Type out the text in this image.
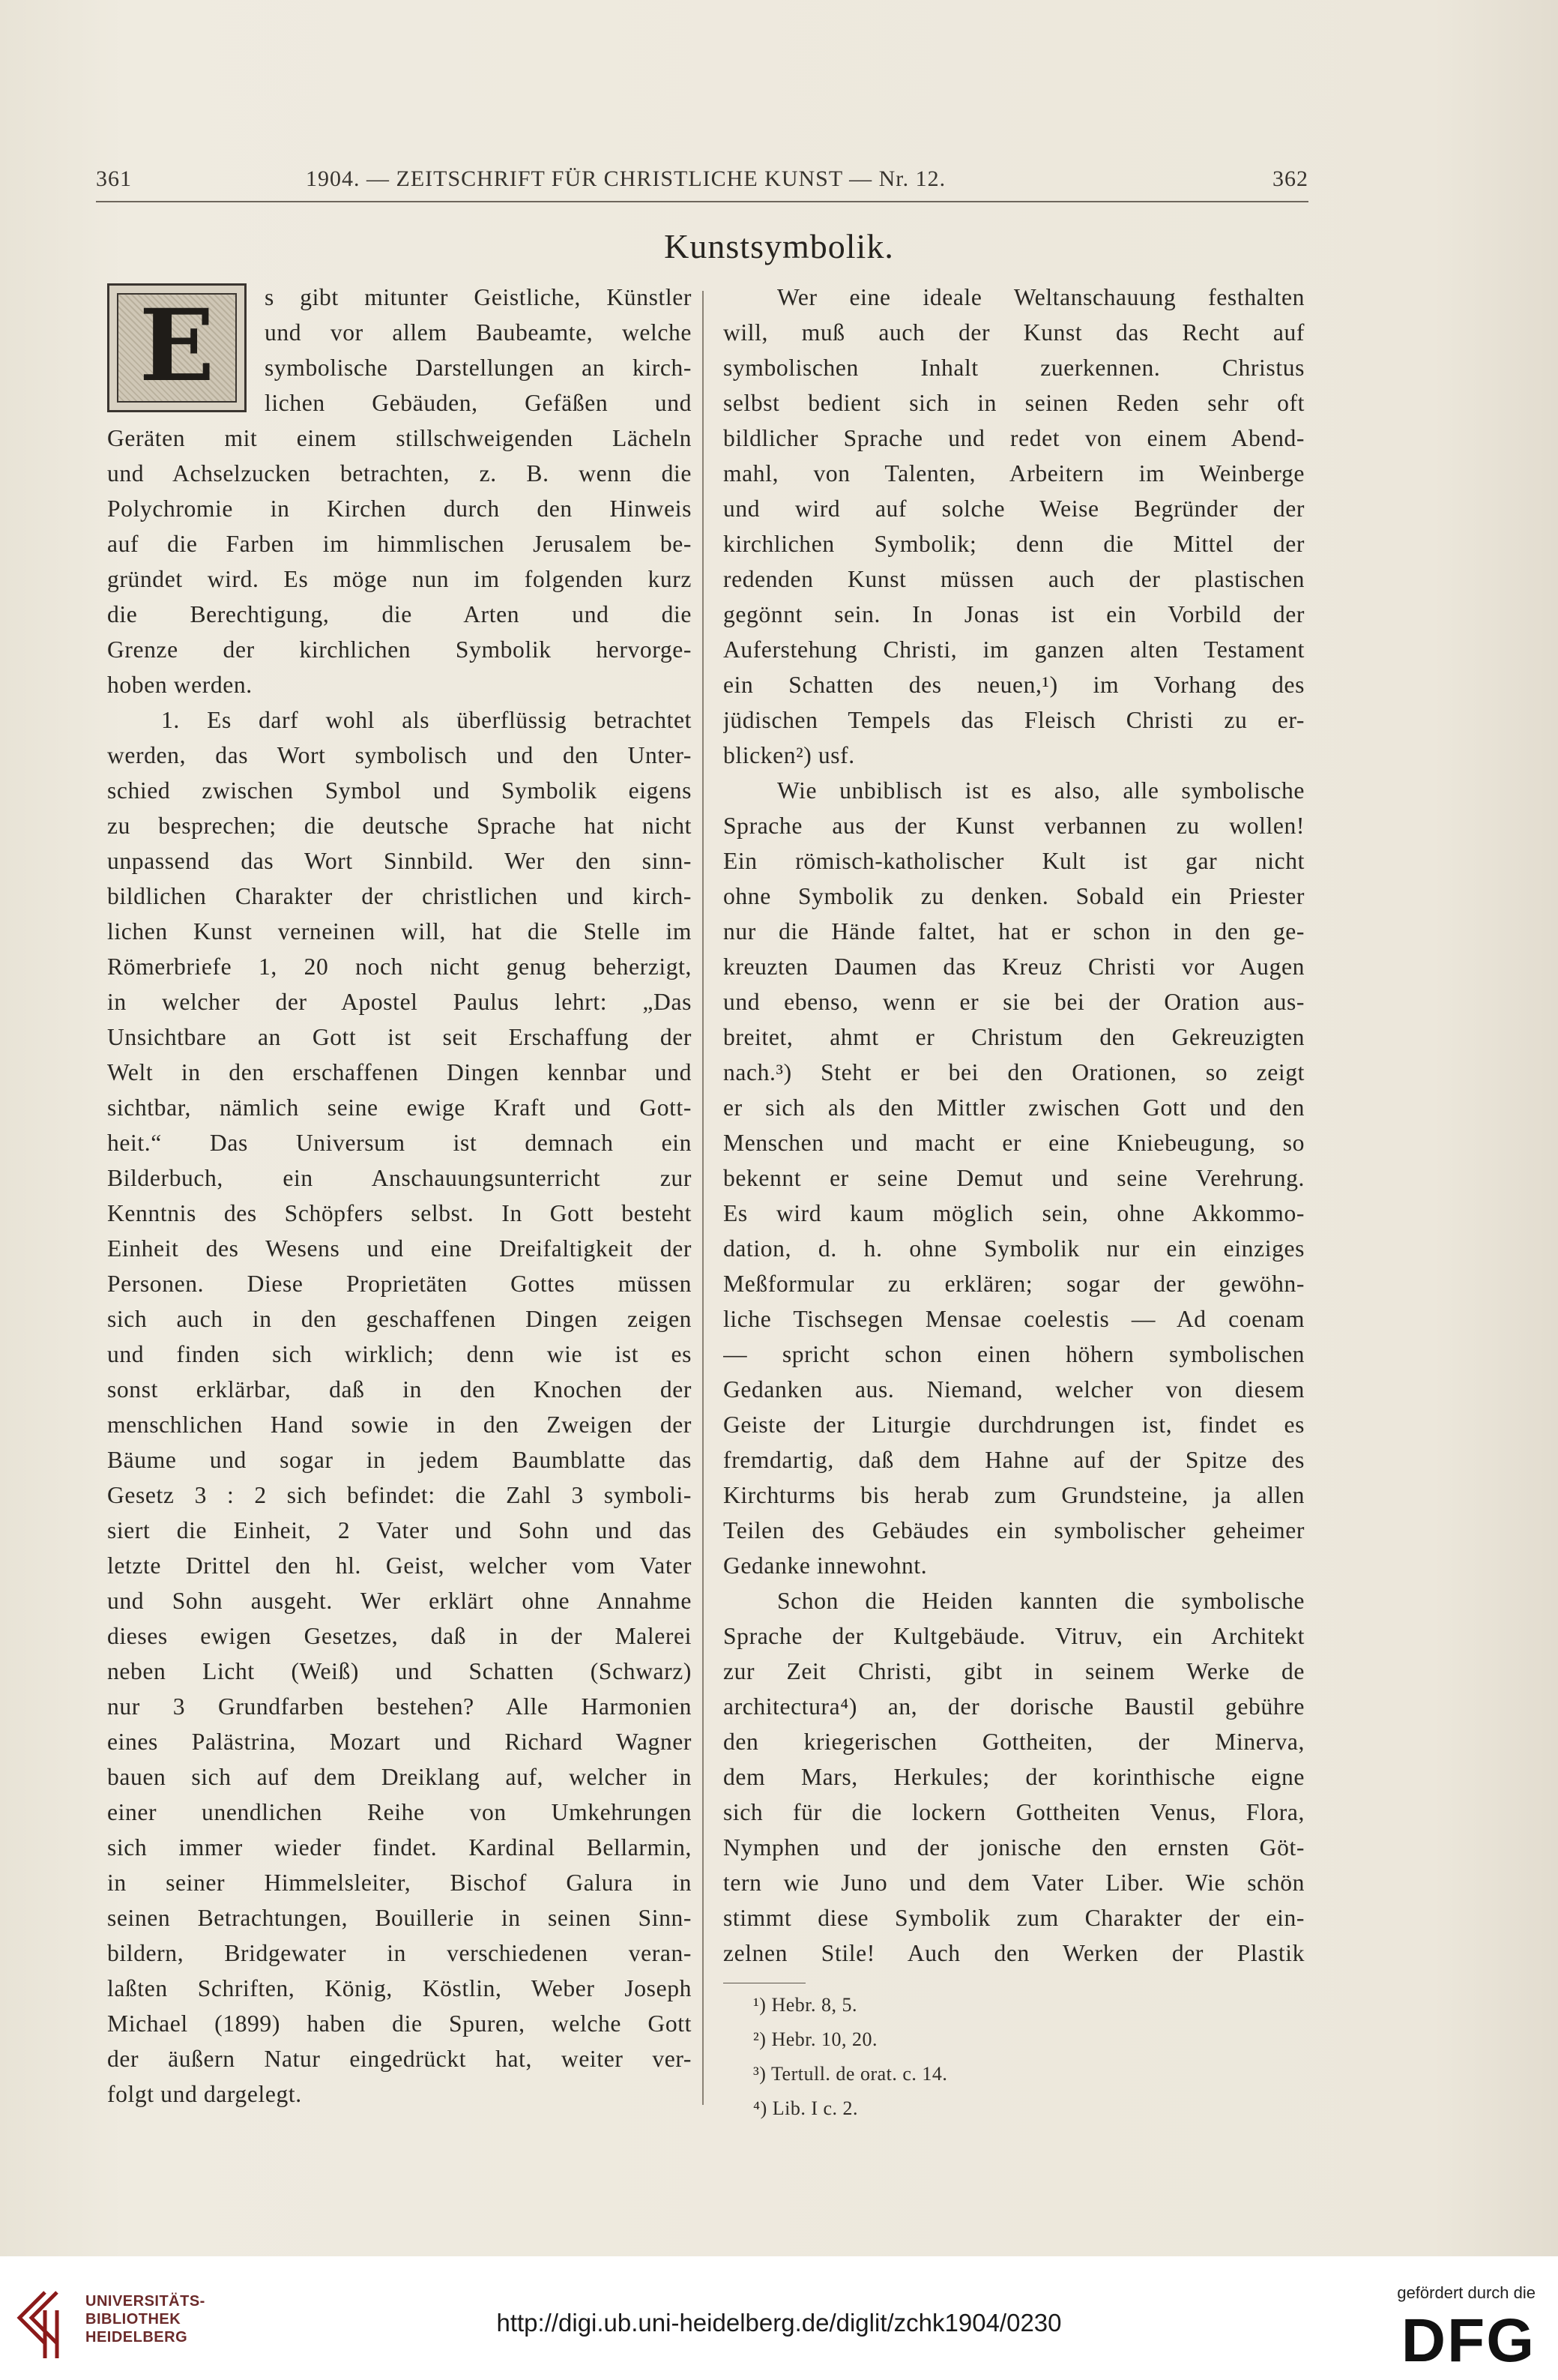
361	1904. — ZEITSCHRIFT FÜR CHRISTLICHE KUNST — Nr. 12.	362
Kunstsymbolik.
E	s gibt mitunter Geistliche, Künstler
und vor allem Baubeamte, welche
symbolische Darstellungen an kirch-
lichen Gebäuden, Gefäßen und
Geräten mit einem stillschweigenden Lächeln
und Achselzucken betrachten, z. B. wenn die
Polychromie in Kirchen durch den Hinweis
auf die Farben im himmlischen Jerusalem be-
gründet wird. Es möge nun im folgenden kurz
die Berechtigung, die Arten und die
Grenze der kirchlichen Symbolik hervorge-
hoben werden.
1. Es darf wohl als überflüssig betrachtet
werden, das Wort symbolisch und den Unter-
schied zwischen Symbol und Symbolik eigens
zu besprechen; die deutsche Sprache hat nicht
unpassend das Wort Sinnbild. Wer den sinn-
bildlichen Charakter der christlichen und kirch-
lichen Kunst verneinen will, hat die Stelle im
Römerbriefe 1, 20 noch nicht genug beherzigt,
in welcher der Apostel Paulus lehrt: „Das
Unsichtbare an Gott ist seit Erschaffung der
Welt in den erschaffenen Dingen kennbar und
sichtbar, nämlich seine ewige Kraft und Gott-
heit.“ Das Universum ist demnach ein
Bilderbuch, ein Anschauungsunterricht zur
Kenntnis des Schöpfers selbst. In Gott besteht
Einheit des Wesens und eine Dreifaltigkeit der
Personen. Diese Proprietäten Gottes müssen
sich auch in den geschaffenen Dingen zeigen
und finden sich wirklich; denn wie ist es
sonst erklärbar, daß in den Knochen der
menschlichen Hand sowie in den Zweigen der
Bäume und sogar in jedem Baumblatte das
Gesetz 3 : 2 sich befindet: die Zahl 3 symboli-
siert die Einheit, 2 Vater und Sohn und das
letzte Drittel den hl. Geist, welcher vom Vater
und Sohn ausgeht. Wer erklärt ohne Annahme
dieses ewigen Gesetzes, daß in der Malerei
neben Licht (Weiß) und Schatten (Schwarz)
nur 3 Grundfarben bestehen? Alle Harmonien
eines Palästrina, Mozart und Richard Wagner
bauen sich auf dem Dreiklang auf, welcher in
einer unendlichen Reihe von Umkehrungen
sich immer wieder findet. Kardinal Bellarmin,
in seiner Himmelsleiter, Bischof Galura in
seinen Betrachtungen, Bouillerie in seinen Sinn-
bildern, Bridgewater in verschiedenen veran-
laßten Schriften, König, Köstlin, Weber Joseph
Michael (1899) haben die Spuren, welche Gott
der äußern Natur eingedrückt hat, weiter ver-
folgt und dargelegt.
Wer eine ideale Weltanschauung festhalten
will, muß auch der Kunst das Recht auf
symbolischen Inhalt zuerkennen. Christus
selbst bedient sich in seinen Reden sehr oft
bildlicher Sprache und redet von einem Abend-
mahl, von Talenten, Arbeitern im Weinberge
und wird auf solche Weise Begründer der
kirchlichen Symbolik; denn die Mittel der
redenden Kunst müssen auch der plastischen
gegönnt sein. In Jonas ist ein Vorbild der
Auferstehung Christi, im ganzen alten Testament
ein Schatten des neuen,¹) im Vorhang des
jüdischen Tempels das Fleisch Christi zu er-
blicken²) usf.
Wie unbiblisch ist es also, alle symbolische
Sprache aus der Kunst verbannen zu wollen!
Ein römisch-katholischer Kult ist gar nicht
ohne Symbolik zu denken. Sobald ein Priester
nur die Hände faltet, hat er schon in den ge-
kreuzten Daumen das Kreuz Christi vor Augen
und ebenso, wenn er sie bei der Oration aus-
breitet, ahmt er Christum den Gekreuzigten
nach.³) Steht er bei den Orationen, so zeigt
er sich als den Mittler zwischen Gott und den
Menschen und macht er eine Kniebeugung, so
bekennt er seine Demut und seine Verehrung.
Es wird kaum möglich sein, ohne Akkommo-
dation, d. h. ohne Symbolik nur ein einziges
Meßformular zu erklären; sogar der gewöhn-
liche Tischsegen Mensae coelestis — Ad coenam
— spricht schon einen höhern symbolischen
Gedanken aus. Niemand, welcher von diesem
Geiste der Liturgie durchdrungen ist, findet es
fremdartig, daß dem Hahne auf der Spitze des
Kirchturms bis herab zum Grundsteine, ja allen
Teilen des Gebäudes ein symbolischer geheimer
Gedanke innewohnt.
Schon die Heiden kannten die symbolische
Sprache der Kultgebäude. Vitruv, ein Architekt
zur Zeit Christi, gibt in seinem Werke de
architectura⁴) an, der dorische Baustil gebühre
den kriegerischen Gottheiten, der Minerva,
dem Mars, Herkules; der korinthische eigne
sich für die lockern Gottheiten Venus, Flora,
Nymphen und der jonische den ernsten Göt-
tern wie Juno und dem Vater Liber. Wie schön
stimmt diese Symbolik zum Charakter der ein-
zelnen Stile! Auch den Werken der Plastik
¹) Hebr. 8, 5.
²) Hebr. 10, 20.
³) Tertull. de orat. c. 14.
⁴) Lib. I c. 2.
UNIVERSITÄTS-
BIBLIOTHEK
HEIDELBERG
http://digi.ub.uni-heidelberg.de/diglit/zchk1904/0230
gefördert durch die
DFG
